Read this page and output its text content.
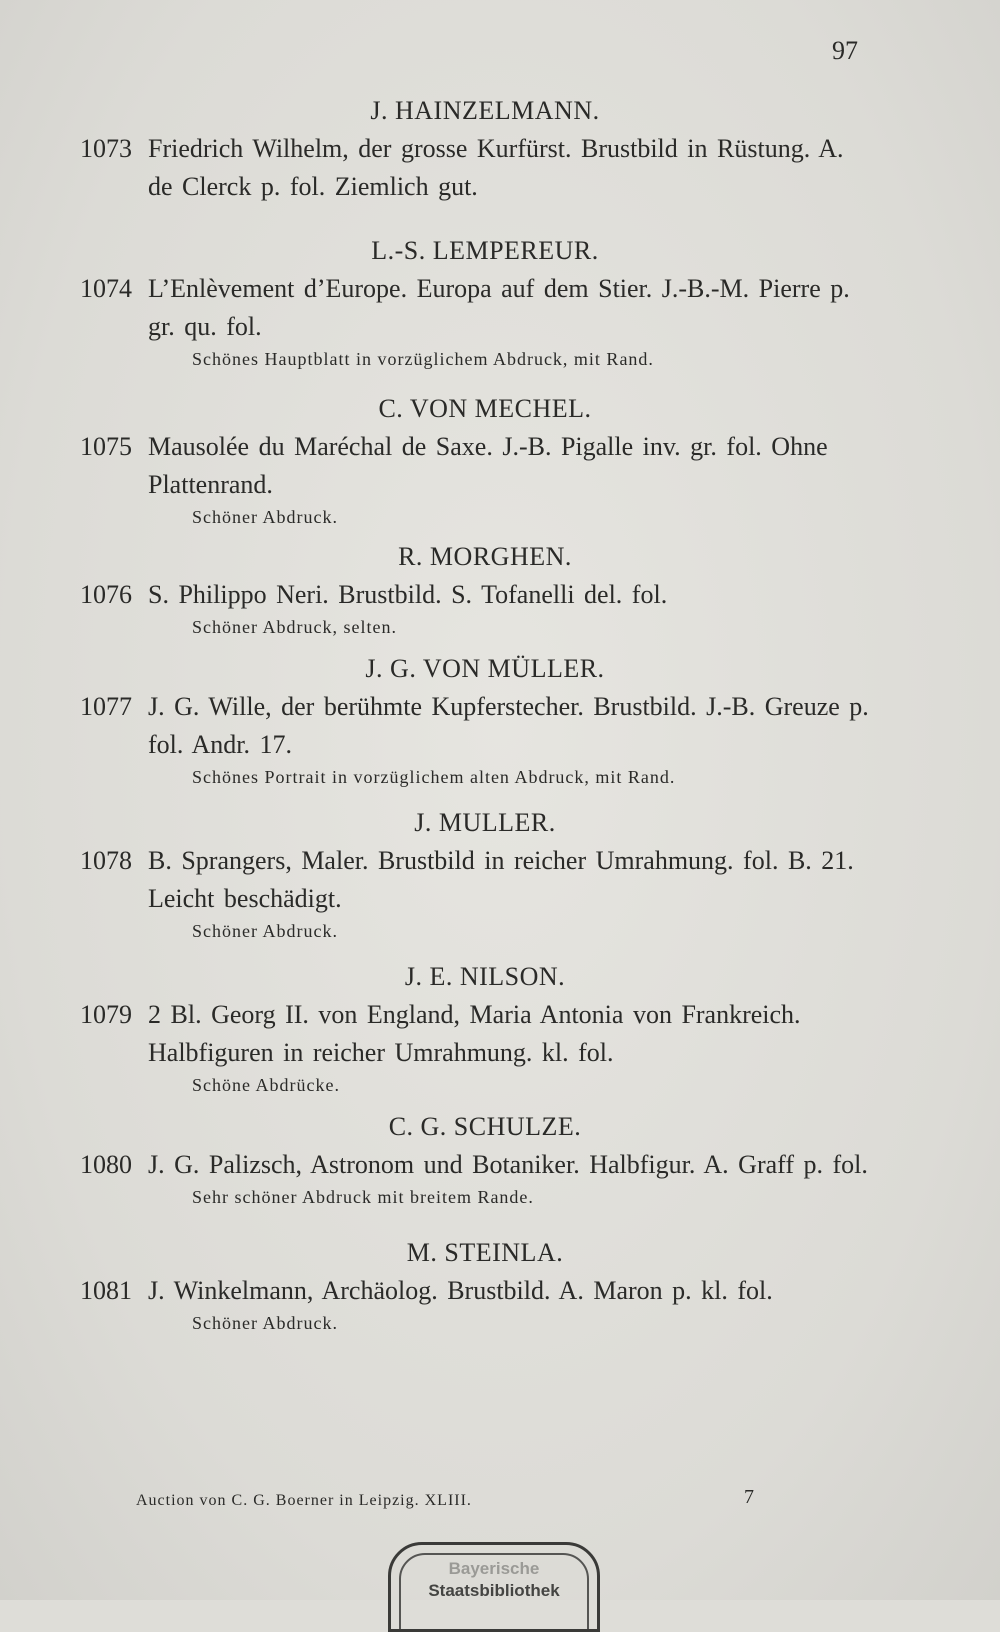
97
J. HAINZELMANN.
1073 Friedrich Wilhelm, der grosse Kurfürst. Brustbild in Rüstung. A. de Clerck p. fol. Ziemlich gut.
L.-S. LEMPEREUR.
1074 L’Enlèvement d’Europe. Europa auf dem Stier. J.-B.-M. Pierre p. gr. qu. fol.
Schönes Hauptblatt in vorzüglichem Abdruck, mit Rand.
C. VON MECHEL.
1075 Mausolée du Maréchal de Saxe. J.-B. Pigalle inv. gr. fol. Ohne Plattenrand.
Schöner Abdruck.
R. MORGHEN.
1076 S. Philippo Neri. Brustbild. S. Tofanelli del. fol.
Schöner Abdruck, selten.
J. G. VON MÜLLER.
1077 J. G. Wille, der berühmte Kupferstecher. Brustbild. J.-B. Greuze p. fol. Andr. 17.
Schönes Portrait in vorzüglichem alten Abdruck, mit Rand.
J. MULLER.
1078 B. Sprangers, Maler. Brustbild in reicher Umrahmung. fol. B. 21. Leicht beschädigt.
Schöner Abdruck.
J. E. NILSON.
1079 2 Bl. Georg II. von England, Maria Antonia von Frankreich. Halbfiguren in reicher Umrahmung. kl. fol.
Schöne Abdrücke.
C. G. SCHULZE.
1080 J. G. Palizsch, Astronom und Botaniker. Halbfigur. A. Graff p. fol.
Sehr schöner Abdruck mit breitem Rande.
M. STEINLA.
1081 J. Winkelmann, Archäolog. Brustbild. A. Maron p. kl. fol.
Schöner Abdruck.
Auction von C. G. Boerner in Leipzig. XLIII.	7
Bayerische
Staatsbibliothek
